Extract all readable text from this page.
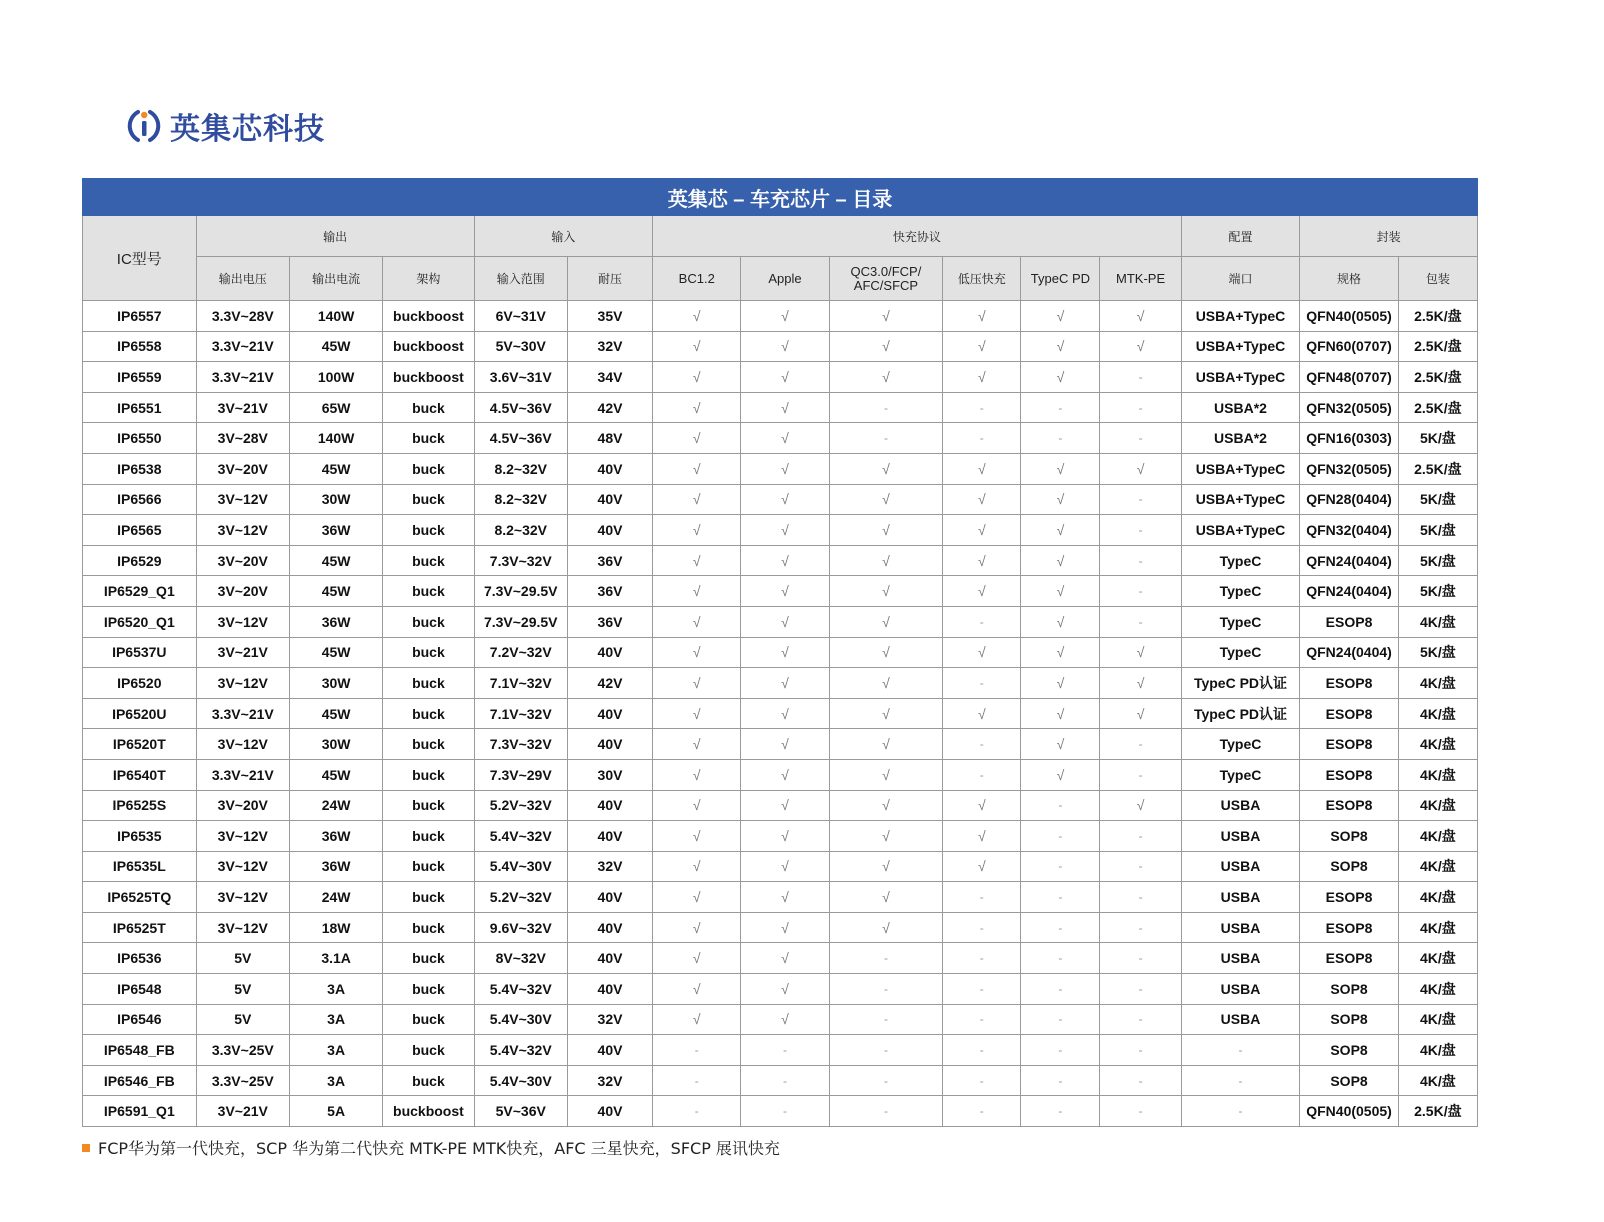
英集芯科技
英集芯 – 车充芯片 – 目录														
IC型号	输出			输入		快充协议						配置	封装	
	输出电压	输出电流	架构	输入范围	耐压	BC1.2	Apple	QC3.0/FCP/ AFC/SFCP	低压快充	TypeC PD	MTK-PE	端口	规格	包装
IP6557	3.3V~28V	140W	buckboost	6V~31V	35V	√	√	√	√	√	√	USBA+TypeC	QFN40(0505)	2.5K/盘
IP6558	3.3V~21V	45W	buckboost	5V~30V	32V	√	√	√	√	√	√	USBA+TypeC	QFN60(0707)	2.5K/盘
IP6559	3.3V~21V	100W	buckboost	3.6V~31V	34V	√	√	√	√	√	-	USBA+TypeC	QFN48(0707)	2.5K/盘
IP6551	3V~21V	65W	buck	4.5V~36V	42V	√	√	-	-	-	-	USBA*2	QFN32(0505)	2.5K/盘
IP6550	3V~28V	140W	buck	4.5V~36V	48V	√	√	-	-	-	-	USBA*2	QFN16(0303)	5K/盘
IP6538	3V~20V	45W	buck	8.2~32V	40V	√	√	√	√	√	√	USBA+TypeC	QFN32(0505)	2.5K/盘
IP6566	3V~12V	30W	buck	8.2~32V	40V	√	√	√	√	√	-	USBA+TypeC	QFN28(0404)	5K/盘
IP6565	3V~12V	36W	buck	8.2~32V	40V	√	√	√	√	√	-	USBA+TypeC	QFN32(0404)	5K/盘
IP6529	3V~20V	45W	buck	7.3V~32V	36V	√	√	√	√	√	-	TypeC	QFN24(0404)	5K/盘
IP6529_Q1	3V~20V	45W	buck	7.3V~29.5V	36V	√	√	√	√	√	-	TypeC	QFN24(0404)	5K/盘
IP6520_Q1	3V~12V	36W	buck	7.3V~29.5V	36V	√	√	√	-	√	-	TypeC	ESOP8	4K/盘
IP6537U	3V~21V	45W	buck	7.2V~32V	40V	√	√	√	√	√	√	TypeC	QFN24(0404)	5K/盘
IP6520	3V~12V	30W	buck	7.1V~32V	42V	√	√	√	-	√	√	TypeC PD认证	ESOP8	4K/盘
IP6520U	3.3V~21V	45W	buck	7.1V~32V	40V	√	√	√	√	√	√	TypeC PD认证	ESOP8	4K/盘
IP6520T	3V~12V	30W	buck	7.3V~32V	40V	√	√	√	-	√	-	TypeC	ESOP8	4K/盘
IP6540T	3.3V~21V	45W	buck	7.3V~29V	30V	√	√	√	-	√	-	TypeC	ESOP8	4K/盘
IP6525S	3V~20V	24W	buck	5.2V~32V	40V	√	√	√	√	-	√	USBA	ESOP8	4K/盘
IP6535	3V~12V	36W	buck	5.4V~32V	40V	√	√	√	√	-	-	USBA	SOP8	4K/盘
IP6535L	3V~12V	36W	buck	5.4V~30V	32V	√	√	√	√	-	-	USBA	SOP8	4K/盘
IP6525TQ	3V~12V	24W	buck	5.2V~32V	40V	√	√	√	-	-	-	USBA	ESOP8	4K/盘
IP6525T	3V~12V	18W	buck	9.6V~32V	40V	√	√	√	-	-	-	USBA	ESOP8	4K/盘
IP6536	5V	3.1A	buck	8V~32V	40V	√	√	-	-	-	-	USBA	ESOP8	4K/盘
IP6548	5V	3A	buck	5.4V~32V	40V	√	√	-	-	-	-	USBA	SOP8	4K/盘
IP6546	5V	3A	buck	5.4V~30V	32V	√	√	-	-	-	-	USBA	SOP8	4K/盘
IP6548_FB	3.3V~25V	3A	buck	5.4V~32V	40V	-	-	-	-	-	-	-	SOP8	4K/盘
IP6546_FB	3.3V~25V	3A	buck	5.4V~30V	32V	-	-	-	-	-	-	-	SOP8	4K/盘
IP6591_Q1	3V~21V	5A	buckboost	5V~36V	40V	-	-	-	-	-	-	-	QFN40(0505)	2.5K/盘
FCP华为第一代快充，SCP 华为第二代快充 MTK-PE MTK快充，AFC 三星快充，SFCP 展讯快充
